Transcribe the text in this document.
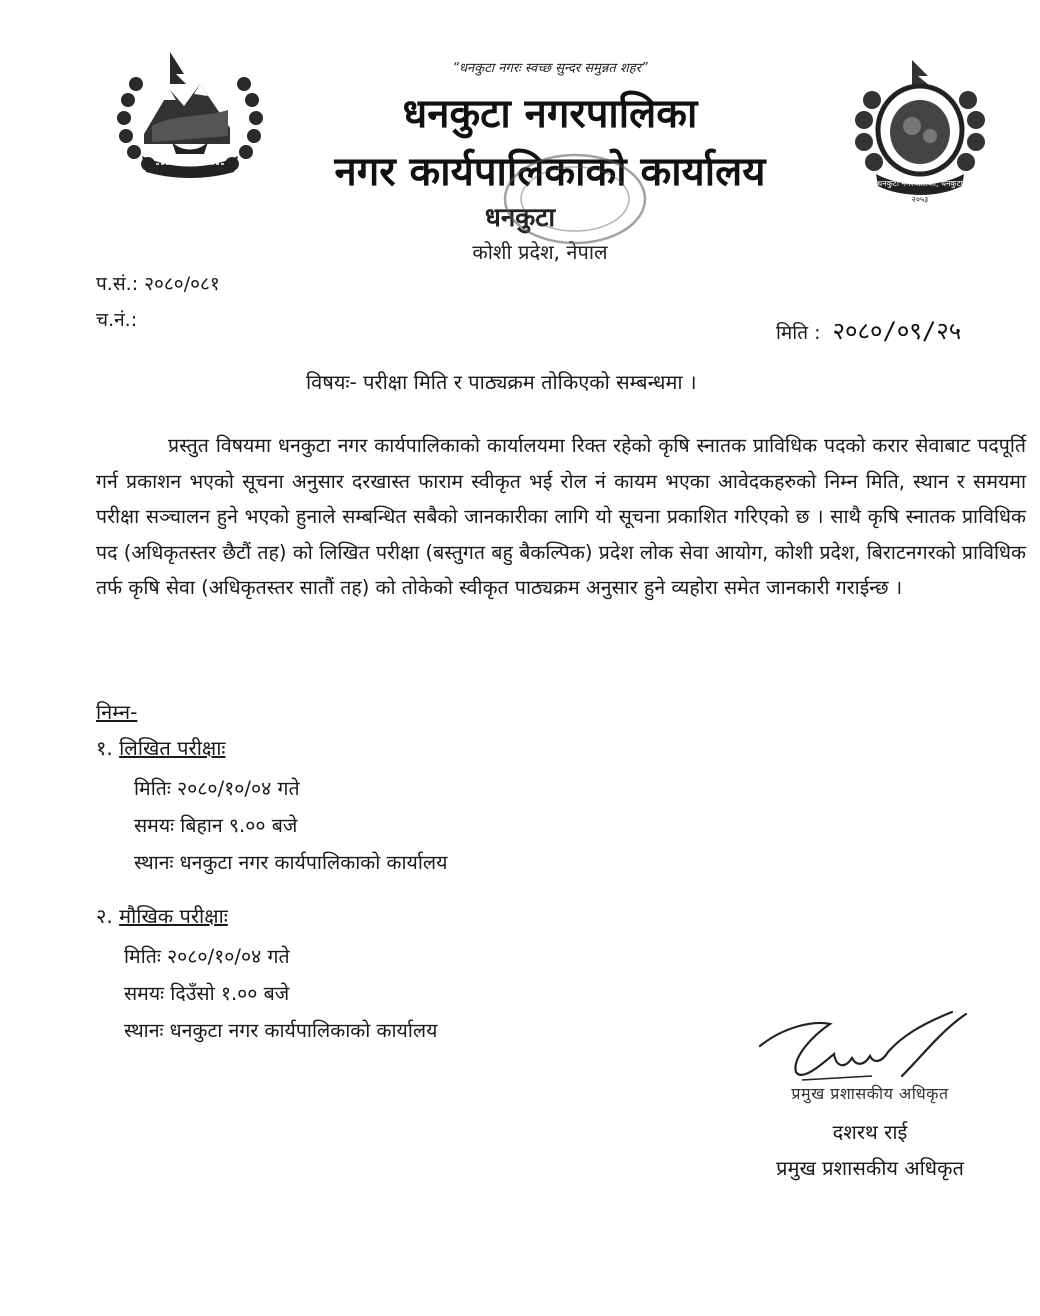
“धनकुटा नगरः स्वच्छ सुन्दर समुन्नत शहर”
धनकुटा नगरपालिका
नगर कार्यपालिकाको कार्यालय
धनकुटा
कोशी प्रदेश, नेपाल
धनकुटा नगरपालिका, धनकुटा
२०५३
प.सं.: २०८०/०८१
च.नं.:
मिति : २०८०/०९/२५
विषयः- परीक्षा मिति र पाठ्यक्रम तोकिएको सम्बन्धमा ।
प्रस्तुत विषयमा धनकुटा नगर कार्यपालिकाको कार्यालयमा रिक्त रहेको कृषि स्नातक प्राविधिक पदको करार सेवाबाट पदपूर्ति गर्न प्रकाशन भएको सूचना अनुसार दरखास्त फाराम स्वीकृत भई रोल नं कायम भएका आवेदकहरुको निम्न मिति, स्थान र समयमा परीक्षा सञ्चालन हुने भएको हुनाले सम्बन्धित सबैको जानकारीका लागि यो सूचना प्रकाशित गरिएको छ । साथै कृषि स्नातक प्राविधिक पद (अधिकृतस्तर छैटौं तह) को लिखित परीक्षा (बस्तुगत बहु बैकल्पिक) प्रदेश लोक सेवा आयोग, कोशी प्रदेश, बिराटनगरको प्राविधिक तर्फ कृषि सेवा (अधिकृतस्तर सातौं तह) को तोकेको स्वीकृत पाठ्यक्रम अनुसार हुने व्यहोरा समेत जानकारी गराईन्छ ।
निम्न-
१. लिखित परीक्षाः
मितिः २०८०/१०/०४ गते
समयः बिहान ९.०० बजे
स्थानः धनकुटा नगर कार्यपालिकाको कार्यालय
२. मौखिक परीक्षाः
मितिः २०८०/१०/०४ गते
समयः दिउँसो १.०० बजे
स्थानः धनकुटा नगर कार्यपालिकाको कार्यालय
प्रमुख प्रशासकीय अधिकृत
दशरथ राई
प्रमुख प्रशासकीय अधिकृत
